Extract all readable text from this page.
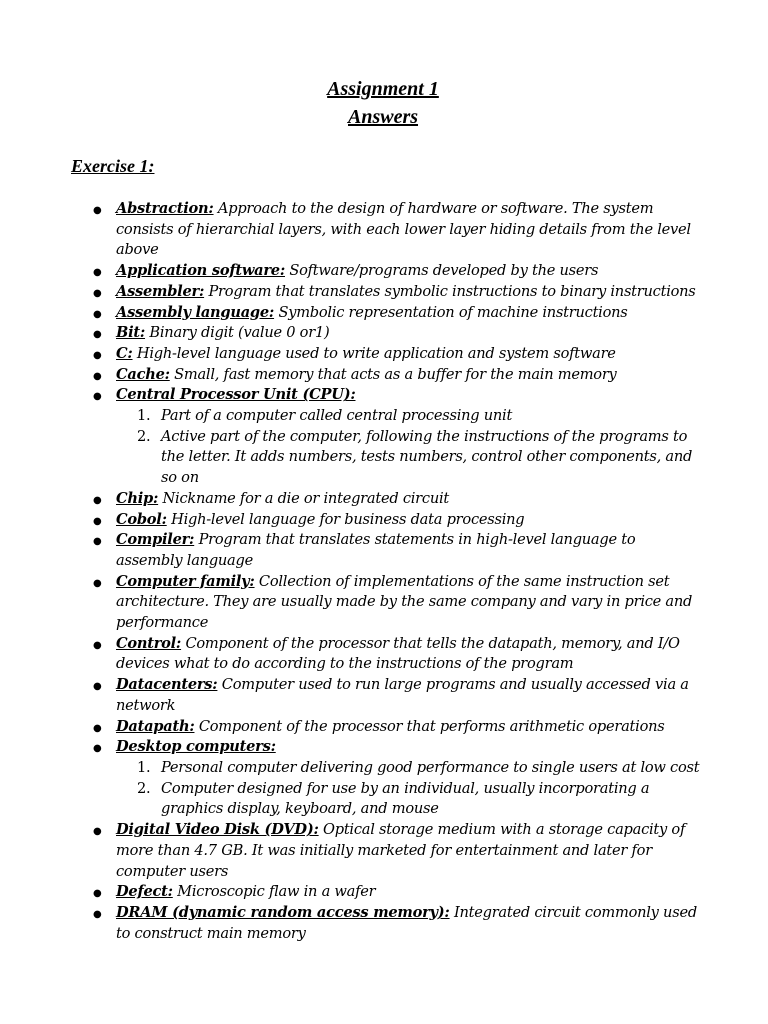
Assignment 1
Answers
Exercise 1:
● Abstraction: Approach to the design of hardware or software. The system consists of hierarchial layers, with each lower layer hiding details from the level above
● Application software: Software/programs developed by the users
● Assembler: Program that translates symbolic instructions to binary instructions
● Assembly language: Symbolic representation of machine instructions
● Bit: Binary digit (value 0 or1)
● C: High-level language used to write application and system software
● Cache: Small, fast memory that acts as a buffer for the main memory
● Central Processor Unit (CPU):
1. Part of a computer called central processing unit
2. Active part of the computer, following the instructions of the programs to the letter. It adds numbers, tests numbers, control other components, and so on
● Chip: Nickname for a die or integrated circuit
● Cobol: High-level language for business data processing
● Compiler: Program that translates statements in high-level language to assembly language
● Computer family: Collection of implementations of the same instruction set architecture. They are usually made by the same company and vary in price and performance
● Control: Component of the processor that tells the datapath, memory, and I/O devices what to do according to the instructions of the program
● Datacenters: Computer used to run large programs and usually accessed via a network
● Datapath: Component of the processor that performs arithmetic operations
● Desktop computers:
1. Personal computer delivering good performance to single users at low cost
2. Computer designed for use by an individual, usually incorporating a graphics display, keyboard, and mouse
● Digital Video Disk (DVD): Optical storage medium with a storage capacity of more than 4.7 GB. It was initially marketed for entertainment and later for computer users
● Defect: Microscopic flaw in a wafer
● DRAM (dynamic random access memory): Integrated circuit commonly used to construct main memory
